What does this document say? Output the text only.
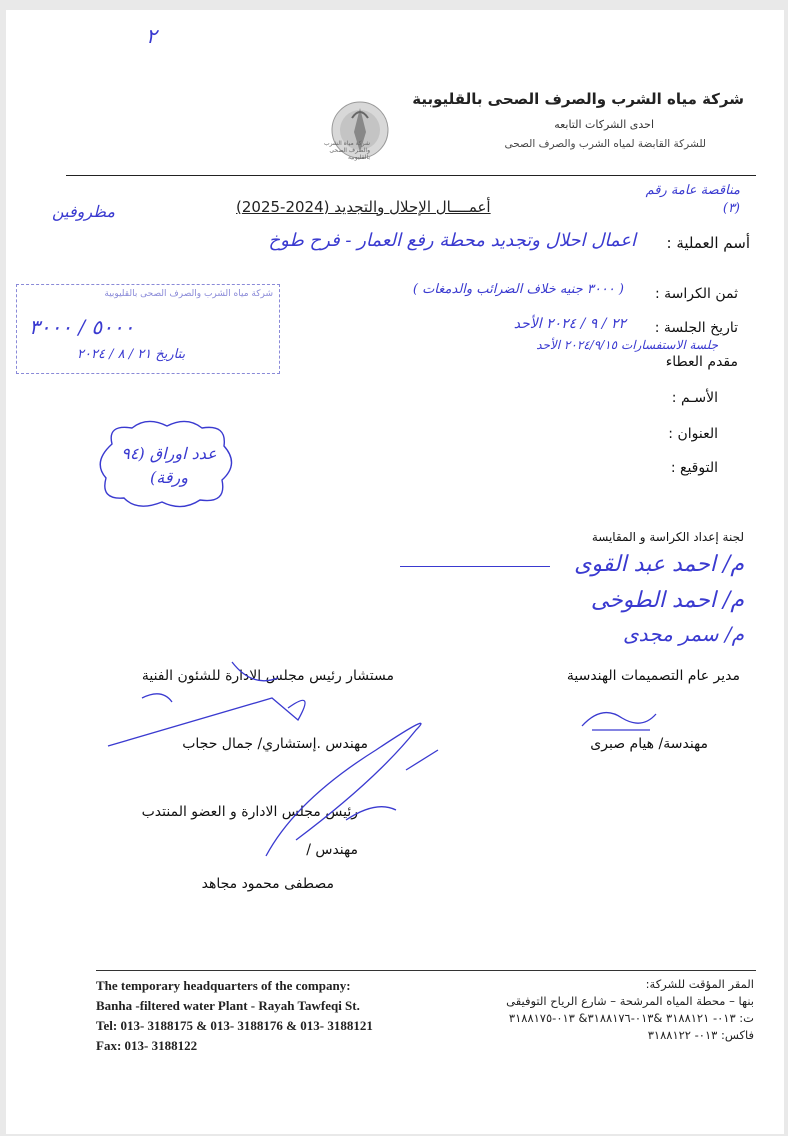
٢
شركة مياه الشرب والصرف الصحى بالقليوبية
شركة مياه الشرب والصرف الصحى بالقليوبية
احدى الشركات التابعه
للشركة القابضة لمياه الشرب والصرف الصحى
مناقصة عامة رقم (٣)
مظروفين	أعمــــال الإحلال والتجديد (2024-2025)
أسم العملية :
اعمال احلال وتجديد محطة رفع العمار - فرح طوخ
شركة مياه الشرب والصرف الصحى بالقليوبية
٥٠٠٠ / ٣٠٠٠
بتاريخ ٢١ / ٨ / ٢٠٢٤
ثمن الكراسة :
( ٣٠٠٠ جنيه خلاف الضرائب والدمغات )
تاريخ الجلسة :
٢٢ / ٩ / ٢٠٢٤ الأحد
جلسة الاستفسارات ٢٠٢٤/٩/١٥ الأحد
مقدم العطاء
الأسـم :
العنوان :
التوقيع :
عدد اوراق (٩٤ ورقة)
لجنة إعداد الكراسة و المقايسة
م/ احمد عبد القوى
م/ احمد الطوخى
م/ سمر مجدى
مدير عام التصميمات الهندسية
مهندسة/ هيام صبرى
مستشار رئيس مجلس الادارة للشئون الفنية
مهندس .إستشاري/ جمال حجاب
رئيس مجلس الادارة و العضو المنتدب
مهندس /
مصطفى محمود مجاهد
The temporary headquarters of the company:
Banha -filtered water Plant - Rayah Tawfeqi St.
Tel: 013- 3188175 & 013- 3188176 & 013- 3188121
Fax: 013- 3188122
المقر المؤقت للشركة:
بنها – محطة المياه المرشحة – شارع الرياح التوفيقى
ت: ٠١٣- ٣١٨٨١٢١ &٠١٣-٣١٨٨١٧٦& ٠١٣-٣١٨٨١٧٥
فاكس: ٠١٣- ٣١٨٨١٢٢
